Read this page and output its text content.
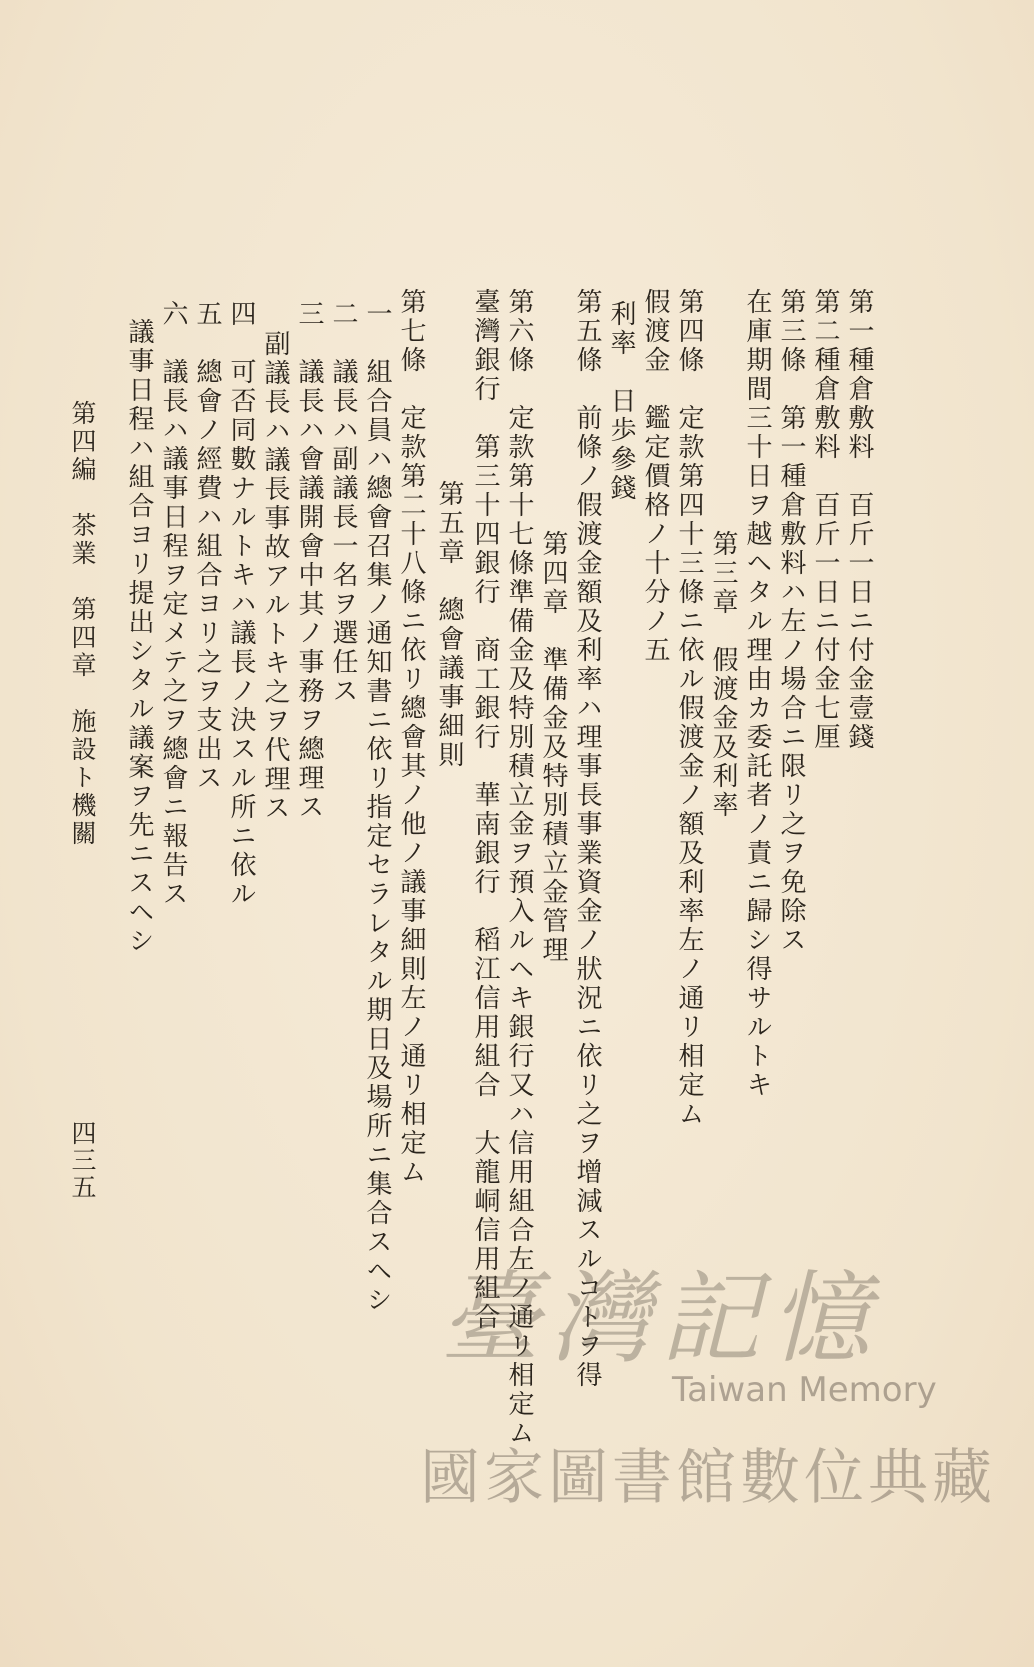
第一種倉敷料　百斤一日ニ付金壹錢
第二種倉敷料　百斤一日ニ付金七厘
第三條　第一種倉敷料ハ左ノ場合ニ限リ之ヲ免除ス
在庫期間三十日ヲ越ヘタル理由カ委託者ノ責ニ歸シ得サルトキ
第三章　假渡金及利率
第四條　定款第四十三條ニ依ル假渡金ノ額及利率左ノ通リ相定ム
假渡金　鑑定價格ノ十分ノ五
利率　日歩參錢
第五條　前條ノ假渡金額及利率ハ理事長事業資金ノ狀況ニ依リ之ヲ增減スルコトヲ得
第四章　準備金及特別積立金管理
第六條　定款第十七條準備金及特別積立金ヲ預入ルヘキ銀行又ハ信用組合左ノ通リ相定ム
臺灣銀行　第三十四銀行　商工銀行　華南銀行　稻江信用組合　大龍峒信用組合
第五章　總會議事細則
第七條　定款第二十八條ニ依リ總會其ノ他ノ議事細則左ノ通リ相定ム
一　組合員ハ總會召集ノ通知書ニ依リ指定セラレタル期日及場所ニ集合スヘシ
二　議長ハ副議長一名ヲ選任ス
三　議長ハ會議開會中其ノ事務ヲ總理ス
副議長ハ議長事故アルトキ之ヲ代理ス
四　可否同數ナルトキハ議長ノ決スル所ニ依ル
五　總會ノ經費ハ組合ヨリ之ヲ支出ス
六　議長ハ議事日程ヲ定メテ之ヲ總會ニ報告ス
議事日程ハ組合ヨリ提出シタル議案ヲ先ニスヘシ
第四編　茶業　第四章　施設ト機關
四三五
臺灣記憶
Taiwan Memory
國家圖書館數位典藏
